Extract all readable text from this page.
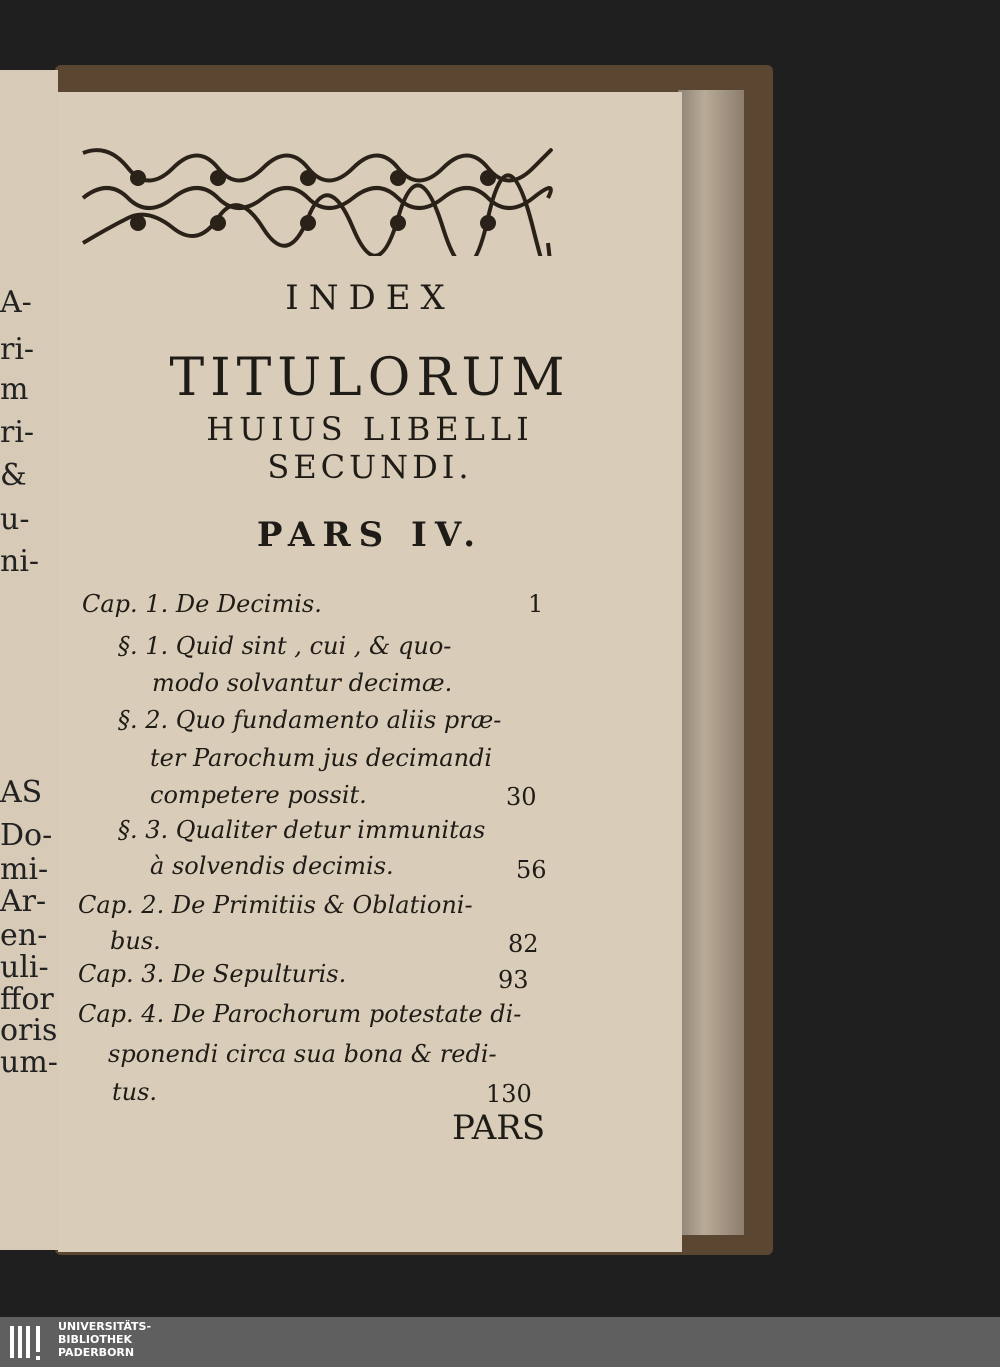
A-
ri-
m
ri-
&
u-
ni-
AS
Do-
mi-
Ar-
en-
uli-
ffor
oris
um-
INDEX
TITULORUM
HUIUS LIBELLI
SECUNDI.
PARS IV.
Cap. 1. De Decimis.	1
§. 1. Quid sint , cui , & quo-
modo solvantur decimæ.
§. 2. Quo fundamento aliis præ-
ter Parochum jus decimandi
competere possit.	30
§. 3. Qualiter detur immunitas
à solvendis decimis.	56
Cap. 2. De Primitiis & Oblationi-
bus.	82
Cap. 3. De Sepulturis.	93
Cap. 4. De Parochorum potestate di-
sponendi circa sua bona & redi-
tus.	130
PARS
UNIVERSITÄTS-
BIBLIOTHEK
PADERBORN
